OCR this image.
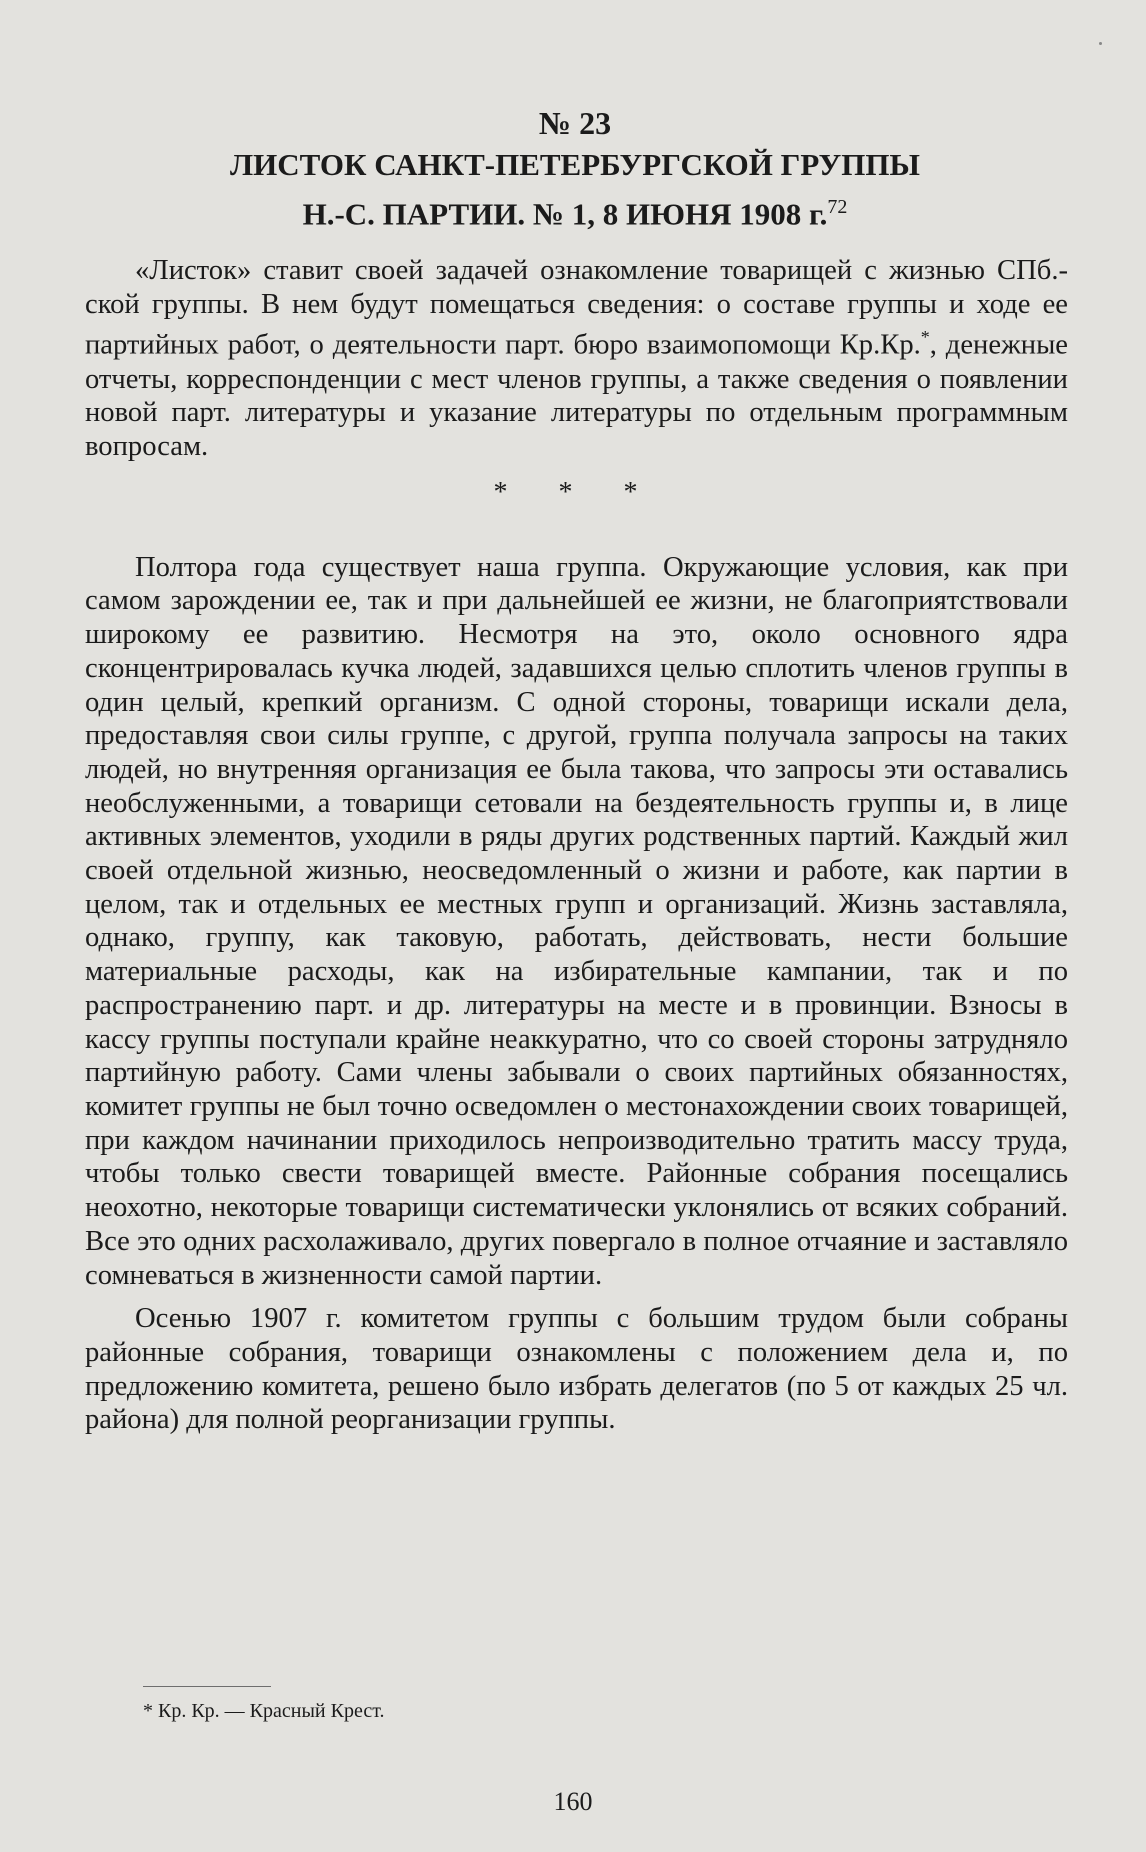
№ 23
ЛИСТОК САНКТ-ПЕТЕРБУРГСКОЙ ГРУППЫ
Н.-С. ПАРТИИ. № 1, 8 ИЮНЯ 1908 г.$^{72}$

«Листок» ставит своей задачей ознакомление товарищей с жизнью СПб.-ской группы. В нем будут помещаться сведения: о составе группы и ходе ее партийных работ, о деятельности парт. бюро взаимопомощи Кр.Кр.*, денежные отчеты, корреспонденции с мест членов группы, а также сведения о появлении новой парт. литературы и указание литературы по отдельным программным вопросам.

* * *

Полтора года существует наша группа. Окружающие условия, как при самом зарождении ее, так и при дальнейшей ее жизни, не благоприятствовали широкому ее развитию. Несмотря на это, около основного ядра сконцентрировалась кучка людей, задавшихся целью сплотить членов группы в один целый, крепкий организм. С одной стороны, товарищи искали дела, предоставляя свои силы группе, с другой, группа получала запросы на таких людей, но внутренняя организация ее была такова, что запросы эти оставались необслуженными, а товарищи сетовали на бездеятельность группы и, в лице активных элементов, уходили в ряды других родственных партий. Каждый жил своей отдельной жизнью, неосведомленный о жизни и работе, как партии в целом, так и отдельных ее местных групп и организаций. Жизнь заставляла, однако, группу, как таковую, работать, действовать, нести большие материальные расходы, как на избирательные кампании, так и по распространению парт. и др. литературы на месте и в провинции. Взносы в кассу группы поступали крайне неаккуратно, что со своей стороны затрудняло партийную работу. Сами члены забывали о своих партийных обязанностях, комитет группы не был точно осведомлен о местонахождении своих товарищей, при каждом начинании приходилось непроизводительно тратить массу труда, чтобы только свести товарищей вместе. Районные собрания посещались неохотно, некоторые товарищи систематически уклонялись от всяких собраний. Все это одних расхолаживало, других повергало в полное отчаяние и заставляло сомневаться в жизненности самой партии.

Осенью 1907 г. комитетом группы с большим трудом были собраны районные собрания, товарищи ознакомлены с положением дела и, по предложению комитета, решено было избрать делегатов (по 5 от каждых 25 чл. района) для полной реорганизации группы.

* Кр. Кр. — Красный Крест.
160
